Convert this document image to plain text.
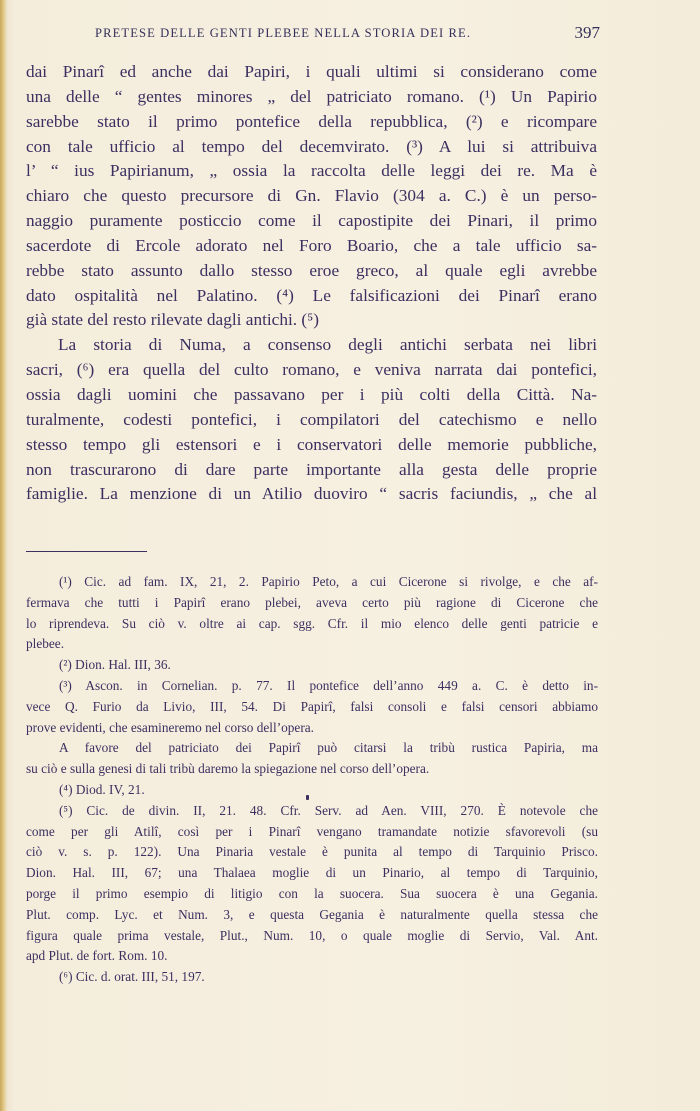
PRETESE DELLE GENTI PLEBEE NELLA STORIA DEI RE.	397
dai Pinarî ed anche dai Papiri, i quali ultimi si considerano come
una delle “ gentes minores „ del patriciato romano. (¹) Un Papirio
sarebbe stato il primo pontefice della repubblica, (²) e ricompare
con tale ufficio al tempo del decemvirato. (³) A lui si attribuiva
l’ “ ius Papirianum, „ ossia la raccolta delle leggi dei re. Ma è
chiaro che questo precursore di Gn. Flavio (304 a. C.) è un perso-
naggio puramente posticcio come il capostipite dei Pinari, il primo
sacerdote di Ercole adorato nel Foro Boario, che a tale ufficio sa-
rebbe stato assunto dallo stesso eroe greco, al quale egli avrebbe
dato ospitalità nel Palatino. (⁴) Le falsificazioni dei Pinarî erano
già state del resto rilevate dagli antichi. (⁵)
La storia di Numa, a consenso degli antichi serbata nei libri
sacri, (⁶) era quella del culto romano, e veniva narrata dai pontefici,
ossia dagli uomini che passavano per i più colti della Città. Na-
turalmente, codesti pontefici, i compilatori del catechismo e nello
stesso tempo gli estensori e i conservatori delle memorie pubbliche,
non trascurarono di dare parte importante alla gesta delle proprie
famiglie. La menzione di un Atilio duoviro “ sacris faciundis, „ che al
(¹) Cic. ad fam. IX, 21, 2. Papirio Peto, a cui Cicerone si rivolge, e che af-
fermava che tutti i Papirî erano plebei, aveva certo più ragione di Cicerone che
lo riprendeva. Su ciò v. oltre ai cap. sgg. Cfr. il mio elenco delle genti patricie e
plebee.
(²) Dion. Hal. III, 36.
(³) Ascon. in Cornelian. p. 77. Il pontefice dell’anno 449 a. C. è detto in-
vece Q. Furio da Livio, III, 54. Di Papirî, falsi consoli e falsi censori abbiamo
prove evidenti, che esamineremo nel corso dell’opera.
A favore del patriciato dei Papirî può citarsi la tribù rustica Papiria, ma
su ciò e sulla genesi di tali tribù daremo la spiegazione nel corso dell’opera.
(⁴) Diod. IV, 21.
(⁵) Cic. de divin. II, 21. 48. Cfr. Serv. ad Aen. VIII, 270. È notevole che
come per gli Atilî, così per i Pinarî vengano tramandate notizie sfavorevoli (su
ciò v. s. p. 122). Una Pinaria vestale è punita al tempo di Tarquinio Prisco.
Dion. Hal. III, 67; una Thalaea moglie di un Pinario, al tempo di Tarquinio,
porge il primo esempio di litigio con la suocera. Sua suocera è una Gegania.
Plut. comp. Lyc. et Num. 3, e questa Gegania è naturalmente quella stessa che
figura quale prima vestale, Plut., Num. 10, o quale moglie di Servio, Val. Ant.
apd Plut. de fort. Rom. 10.
(⁶) Cic. d. orat. III, 51, 197.
